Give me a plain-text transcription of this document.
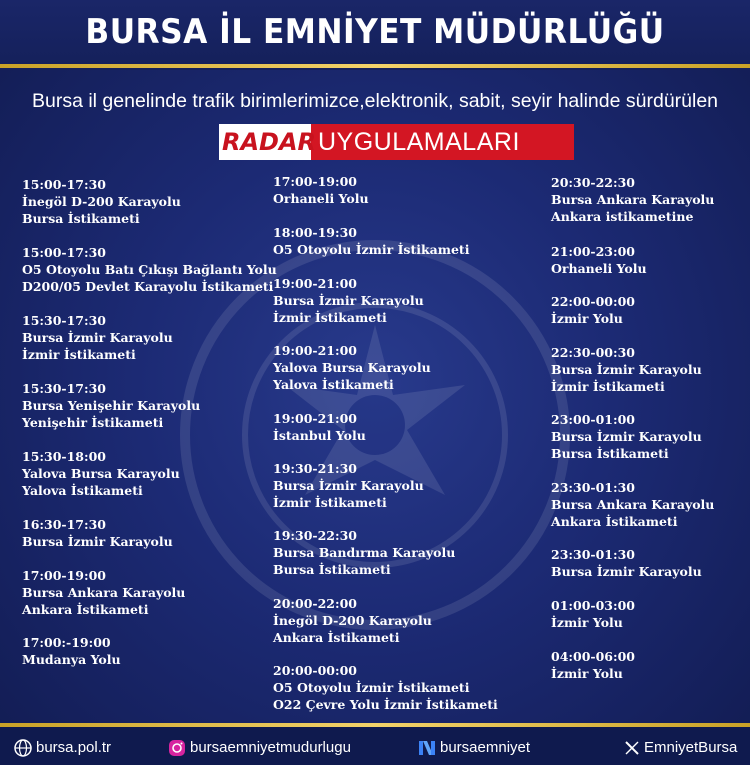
BURSA İL EMNİYET MÜDÜRLÜĞÜ
Bursa il genelinde trafik birimlerimizce,elektronik, sabit, seyir halinde sürdürülen
RADAR UYGULAMALARI
15:00-17:30
İnegöl D-200 Karayolu
Bursa İstikameti
15:00-17:30
O5 Otoyolu Batı Çıkışı Bağlantı Yolu
D200/05 Devlet Karayolu İstikameti
15:30-17:30
Bursa İzmir Karayolu
İzmir İstikameti
15:30-17:30
Bursa Yenişehir Karayolu
Yenişehir İstikameti
15:30-18:00
Yalova Bursa Karayolu
Yalova İstikameti
16:30-17:30
Bursa İzmir Karayolu
17:00-19:00
Bursa Ankara Karayolu
Ankara İstikameti
17:00:-19:00
Mudanya Yolu
17:00-19:00
Orhaneli Yolu
18:00-19:30
O5 Otoyolu İzmir İstikameti
19:00-21:00
Bursa İzmir Karayolu
İzmir İstikameti
19:00-21:00
Yalova Bursa Karayolu
Yalova İstikameti
19:00-21:00
İstanbul Yolu
19:30-21:30
Bursa İzmir Karayolu
İzmir İstikameti
19:30-22:30
Bursa Bandırma Karayolu
Bursa İstikameti
20:00-22:00
İnegöl D-200 Karayolu
Ankara İstikameti
20:00-00:00
O5 Otoyolu İzmir İstikameti
O22 Çevre Yolu İzmir İstikameti
20:30-22:30
Bursa Ankara Karayolu
Ankara istikametine
21:00-23:00
Orhaneli Yolu
22:00-00:00
İzmir Yolu
22:30-00:30
Bursa İzmir Karayolu
İzmir İstikameti
23:00-01:00
Bursa İzmir Karayolu
Bursa İstikameti
23:30-01:30
Bursa Ankara Karayolu
Ankara İstikameti
23:30-01:30
Bursa İzmir Karayolu
01:00-03:00
İzmir Yolu
04:00-06:00
İzmir Yolu
bursa.pol.tr	bursaemniyetmudurlugu	bursaemniyet	EmniyetBursa
